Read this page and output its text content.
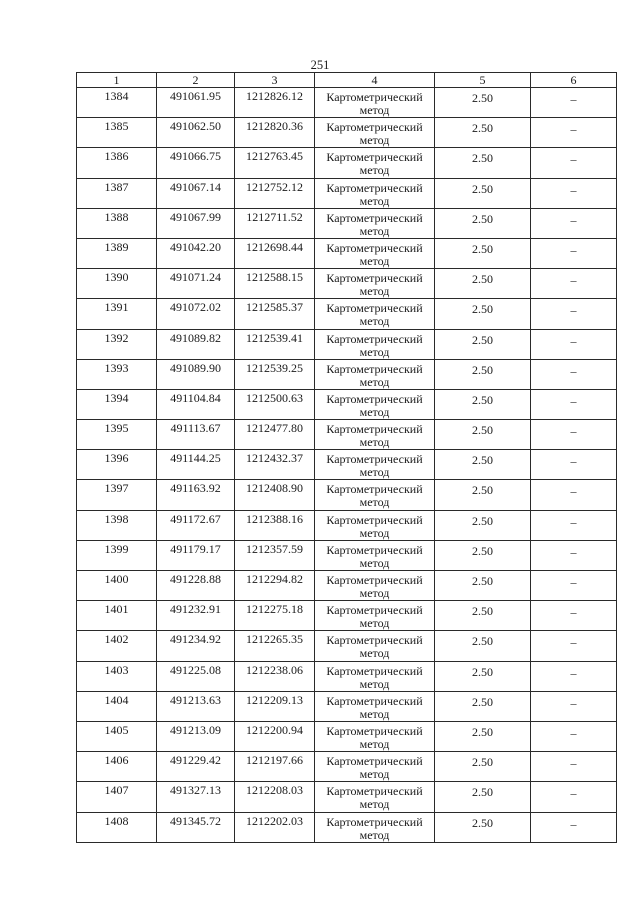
251
1	2	3	4	5	6

1384	491061.95	1212826.12	Картометрический метод	2.50	–

1385	491062.50	1212820.36	Картометрический метод	2.50	–

1386	491066.75	1212763.45	Картометрический метод	2.50	–

1387	491067.14	1212752.12	Картометрический метод	2.50	–

1388	491067.99	1212711.52	Картометрический метод	2.50	–

1389	491042.20	1212698.44	Картометрический метод	2.50	–

1390	491071.24	1212588.15	Картометрический метод	2.50	–

1391	491072.02	1212585.37	Картометрический метод	2.50	–

1392	491089.82	1212539.41	Картометрический метод	2.50	–

1393	491089.90	1212539.25	Картометрический метод	2.50	–

1394	491104.84	1212500.63	Картометрический метод	2.50	–

1395	491113.67	1212477.80	Картометрический метод	2.50	–

1396	491144.25	1212432.37	Картометрический метод	2.50	–

1397	491163.92	1212408.90	Картометрический метод	2.50	–

1398	491172.67	1212388.16	Картометрический метод	2.50	–

1399	491179.17	1212357.59	Картометрический метод	2.50	–

1400	491228.88	1212294.82	Картометрический метод	2.50	–

1401	491232.91	1212275.18	Картометрический метод	2.50	–

1402	491234.92	1212265.35	Картометрический метод	2.50	–

1403	491225.08	1212238.06	Картометрический метод	2.50	–

1404	491213.63	1212209.13	Картометрический метод	2.50	–

1405	491213.09	1212200.94	Картометрический метод	2.50	–

1406	491229.42	1212197.66	Картометрический метод	2.50	–

1407	491327.13	1212208.03	Картометрический метод	2.50	–

1408	491345.72	1212202.03	Картометрический метод	2.50	–
